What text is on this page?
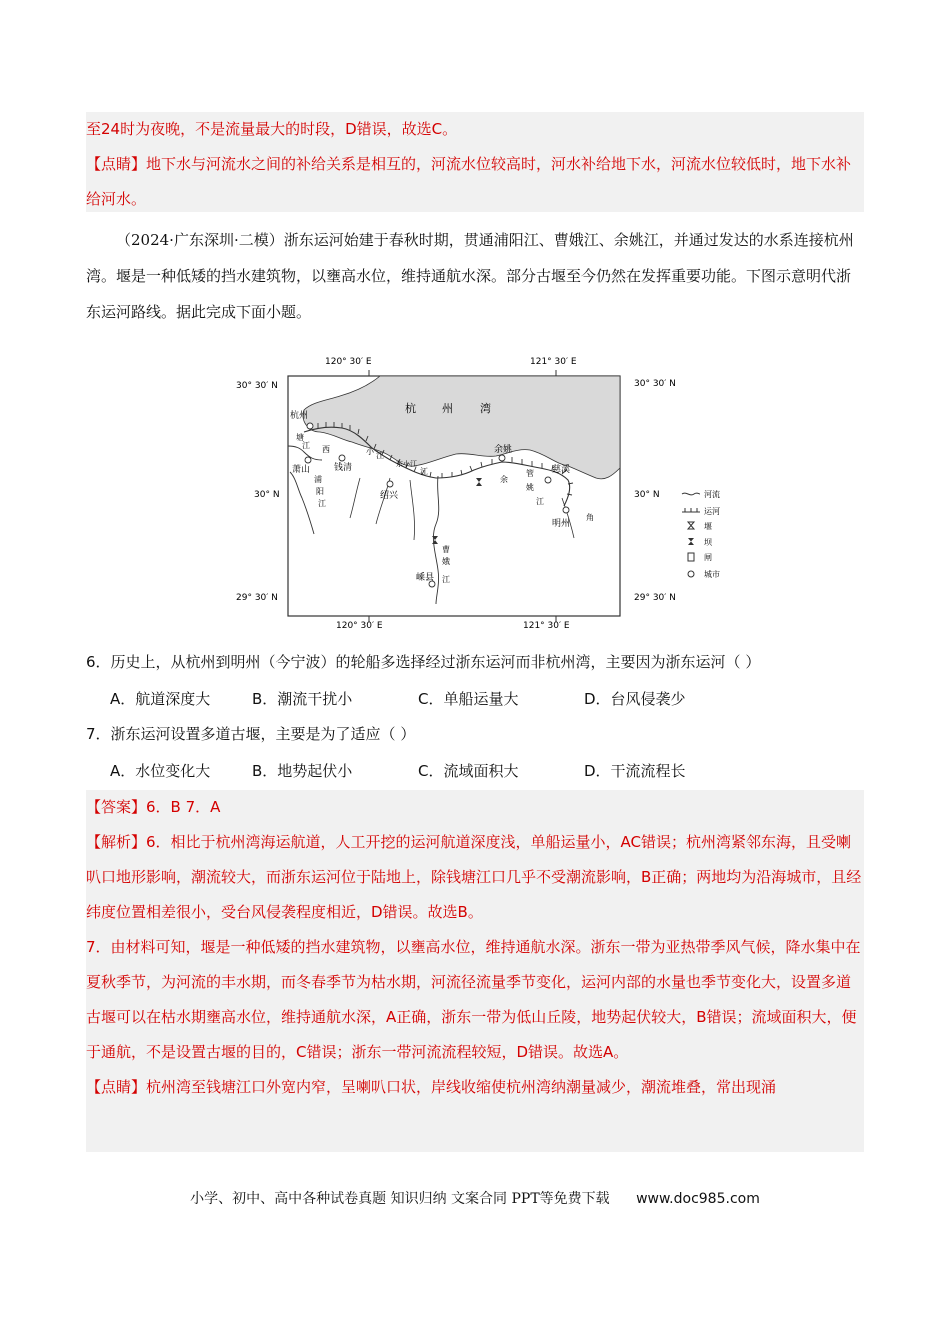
至24时为夜晚，不是流量最大的时段，D错误，故选C。
【点睛】地下水与河流水之间的补给关系是相互的，河流水位较高时，河水补给地下水，河流水位较低时，地下水补给河水。
（2024·广东深圳·二模）浙东运河始建于春秋时期，贯通浦阳江、曹娥江、余姚江，并通过发达的水系连接杭州湾。堰是一种低矮的挡水建筑物，以壅高水位，维持通航水深。部分古堰至今仍然在发挥重要功能。下图示意明代浙东运河路线。据此完成下面小题。
120° 30′ E	121° 30′ E
120° 30′ E	121° 30′ E
30° 30′ N
30° N
29° 30′ N
30° 30′ N
30° N
29° 30′ N
杭 州 湾
杭州
萧山	钱清
绍兴
余姚
慈溪
明州
嵊县
塘
江 西	小 江
浦
阳
江
东小江
管
余
姚
江
江
曹
娥
江
角
河流
运河
堰
坝
闸
城市
6．历史上，从杭州到明州（今宁波）的轮船多选择经过浙东运河而非杭州湾，主要因为浙东运河（ ）
A．航道深度大	B．潮流干扰小	C．单船运量大	D．台风侵袭少
7．浙东运河设置多道古堰，主要是为了适应（ ）
A．水位变化大	B．地势起伏小	C．流域面积大	D．干流流程长
【答案】6．B 7．A
【解析】6．相比于杭州湾海运航道，人工开挖的运河航道深度浅，单船运量小，AC错误；杭州湾紧邻东海，且受喇叭口地形影响，潮流较大，而浙东运河位于陆地上，除钱塘江口几乎不受潮流影响，B正确；两地均为沿海城市，且经纬度位置相差很小，受台风侵袭程度相近，D错误。故选B。
7．由材料可知，堰是一种低矮的挡水建筑物，以壅高水位，维持通航水深。浙东一带为亚热带季风气候，降水集中在夏秋季节，为河流的丰水期，而冬春季节为枯水期，河流径流量季节变化，运河内部的水量也季节变化大，设置多道古堰可以在枯水期壅高水位，维持通航水深，A正确，浙东一带为低山丘陵，地势起伏较大，B错误；流域面积大，便于通航，不是设置古堰的目的，C错误；浙东一带河流流程较短，D错误。故选A。
【点睛】杭州湾至钱塘江口外宽内窄，呈喇叭口状，岸线收缩使杭州湾纳潮量减少，潮流堆叠，常出现涌
小学、初中、高中各种试卷真题 知识归纳 文案合同 PPT等免费下载 www.doc985.com
